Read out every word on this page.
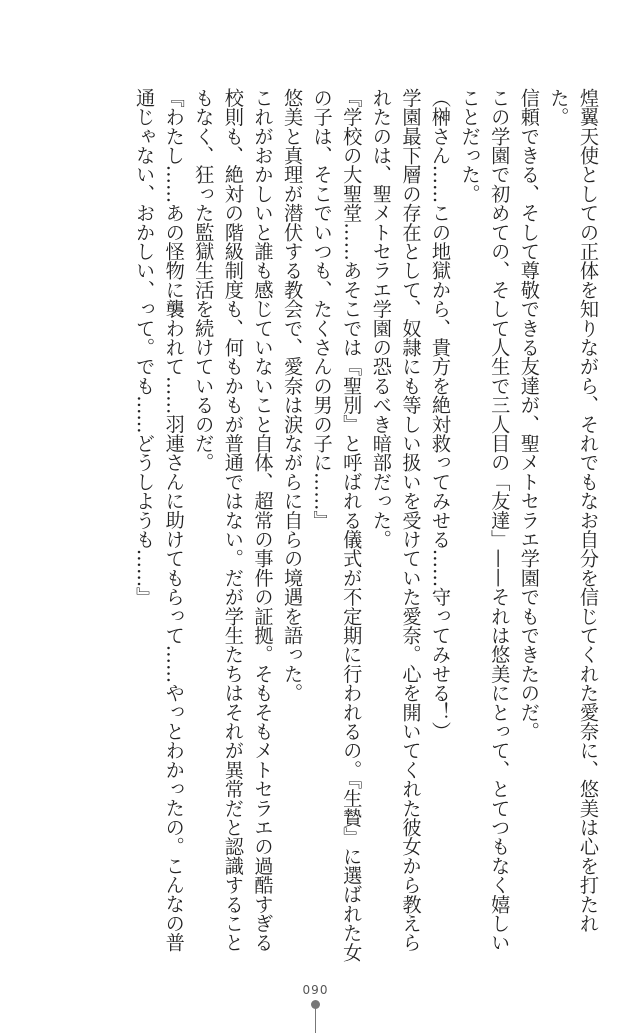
煌翼天使としての正体を知りながら、それでもなお自分を信じてくれた愛奈に、悠美は心を打たれた。

信頼できる、そして尊敬できる友達が、聖メトセラエ学園でもできたのだ。

この学園で初めての、そして人生で三人目の「友達」——それは悠美にとって、とてつもなく嬉しいことだった。

（榊さん……この地獄から、貴方を絶対救ってみせる……守ってみせる！）

学園最下層の存在として、奴隷にも等しい扱いを受けていた愛奈。心を開いてくれた彼女から教えられたのは、聖メトセラエ学園の恐るべき暗部だった。

『学校の大聖堂……あそこでは『聖別』と呼ばれる儀式が不定期に行われるの。『生贄』に選ばれた女の子は、そこでいつも、たくさんの男の子に……』

悠美と真理が潜伏する教会で、愛奈は涙ながらに自らの境遇を語った。

これがおかしいと誰も感じていないこと自体、超常の事件の証拠。そもそもメトセラエの過酷すぎる校則も、絶対の階級制度も、何もかもが普通ではない。だが学生たちはそれが異常だと認識することもなく、狂った監獄生活を続けているのだ。

『わたし……あの怪物に襲われて……羽連さんに助けてもらって……やっとわかったの。こんなの普通じゃない、おかしい、って。でも……どうしようも……』

090
